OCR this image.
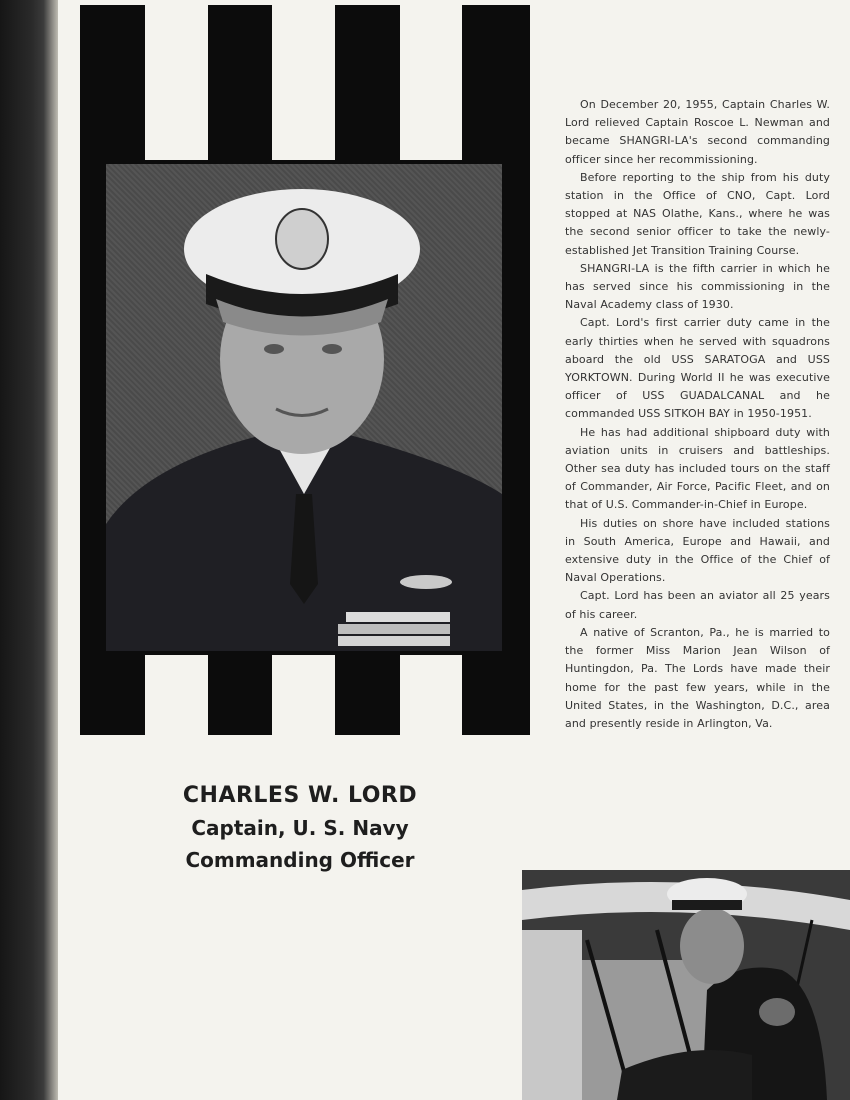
On December 20, 1955, Captain Charles W. Lord relieved Captain Roscoe L. Newman and became SHANGRI-LA's second commanding officer since her recommissioning.

Before reporting to the ship from his duty station in the Office of CNO, Capt. Lord stopped at NAS Olathe, Kans., where he was the second senior officer to take the newly-established Jet Transition Training Course.

SHANGRI-LA is the fifth carrier in which he has served since his commissioning in the Naval Academy class of 1930.

Capt. Lord's first carrier duty came in the early thirties when he served with squadrons aboard the old USS SARATOGA and USS YORKTOWN. During World II he was executive officer of USS GUADALCANAL and he commanded USS SITKOH BAY in 1950-1951.

He has had additional shipboard duty with aviation units in cruisers and battleships. Other sea duty has included tours on the staff of Commander, Air Force, Pacific Fleet, and on that of U.S. Commander-in-Chief in Europe.

His duties on shore have included stations in South America, Europe and Hawaii, and extensive duty in the Office of the Chief of Naval Operations.

Capt. Lord has been an aviator all 25 years of his career.

A native of Scranton, Pa., he is married to the former Miss Marion Jean Wilson of Huntingdon, Pa. The Lords have made their home for the past few years, while in the United States, in the Washington, D.C., area and presently reside in Arlington, Va.

CHARLES W. LORD
Captain, U. S. Navy
Commanding Officer
